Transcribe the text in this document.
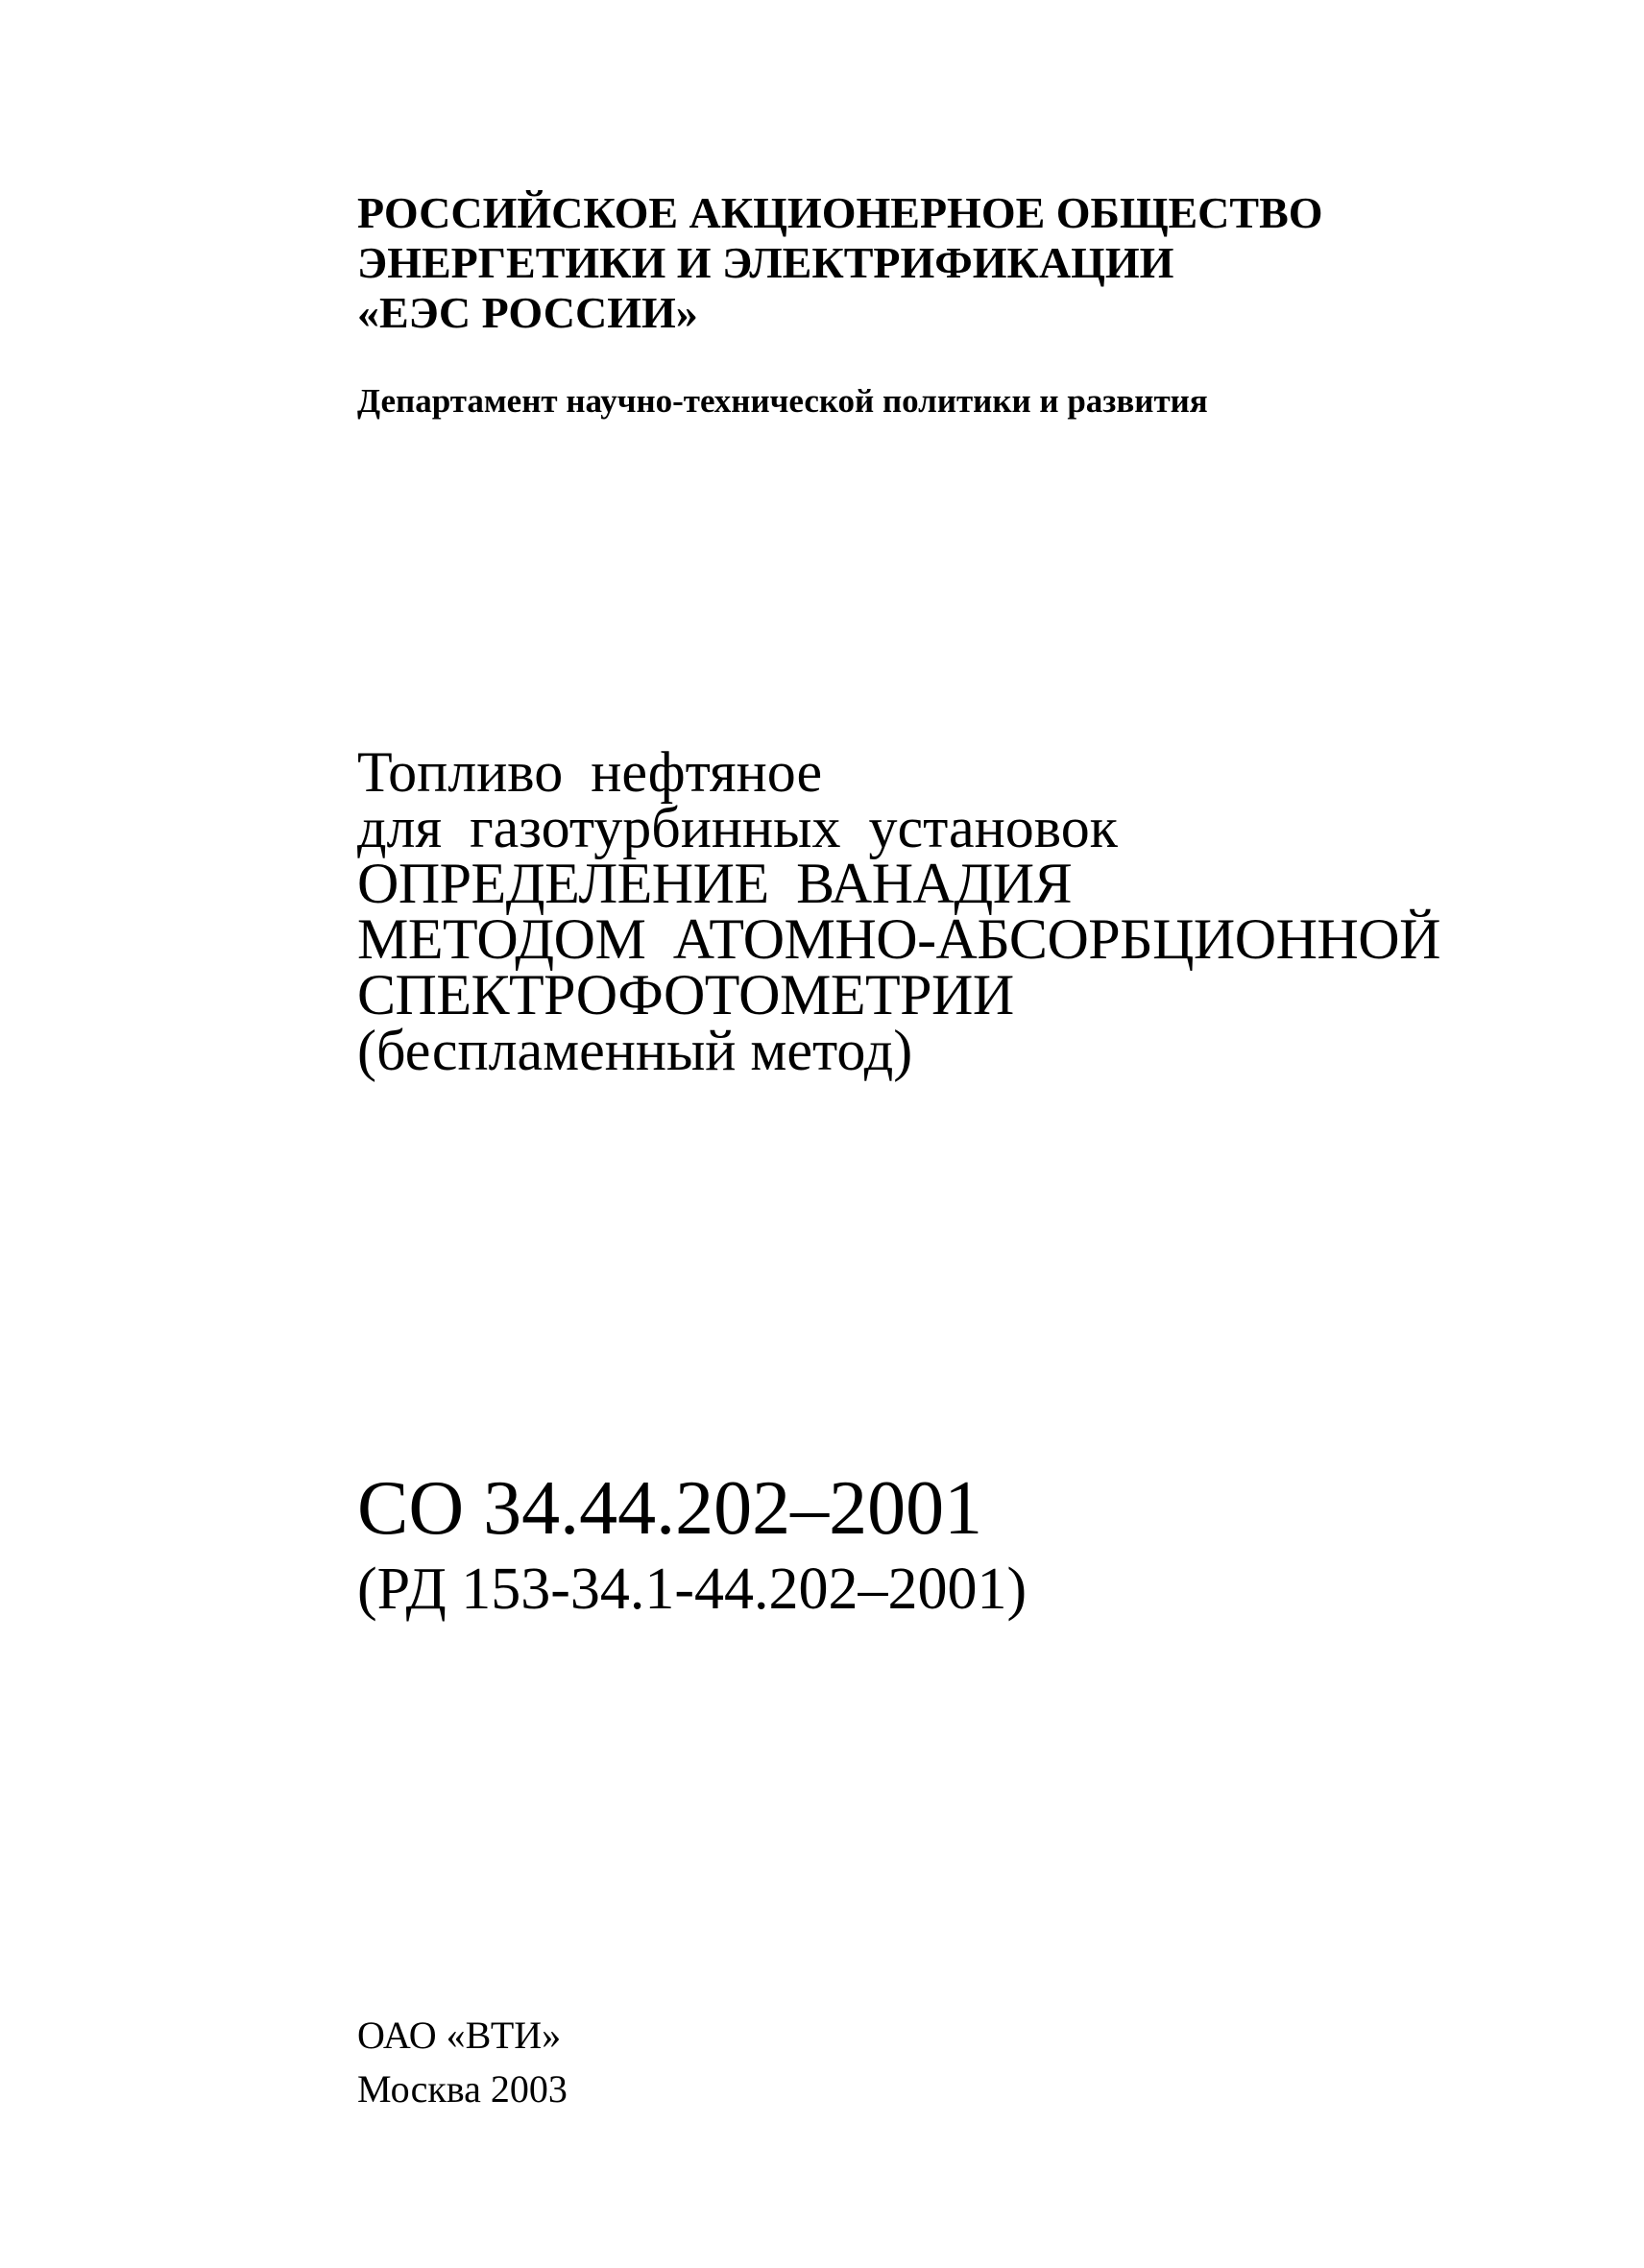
РОССИЙСКОЕ АКЦИОНЕРНОЕ ОБЩЕСТВО
ЭНЕРГЕТИКИ И ЭЛЕКТРИФИКАЦИИ
«ЕЭС РОССИИ»
Департамент научно-технической политики и развития
Топливо нефтяное
для газотурбинных установок
ОПРЕДЕЛЕНИЕ ВАНАДИЯ
МЕТОДОМ АТОМНО-АБСОРБЦИОННОЙ
СПЕКТРОФОТОМЕТРИИ
(беспламенный метод)
СО 34.44.202–2001
(РД 153-34.1-44.202–2001)
ОАО «ВТИ»
Москва 2003
